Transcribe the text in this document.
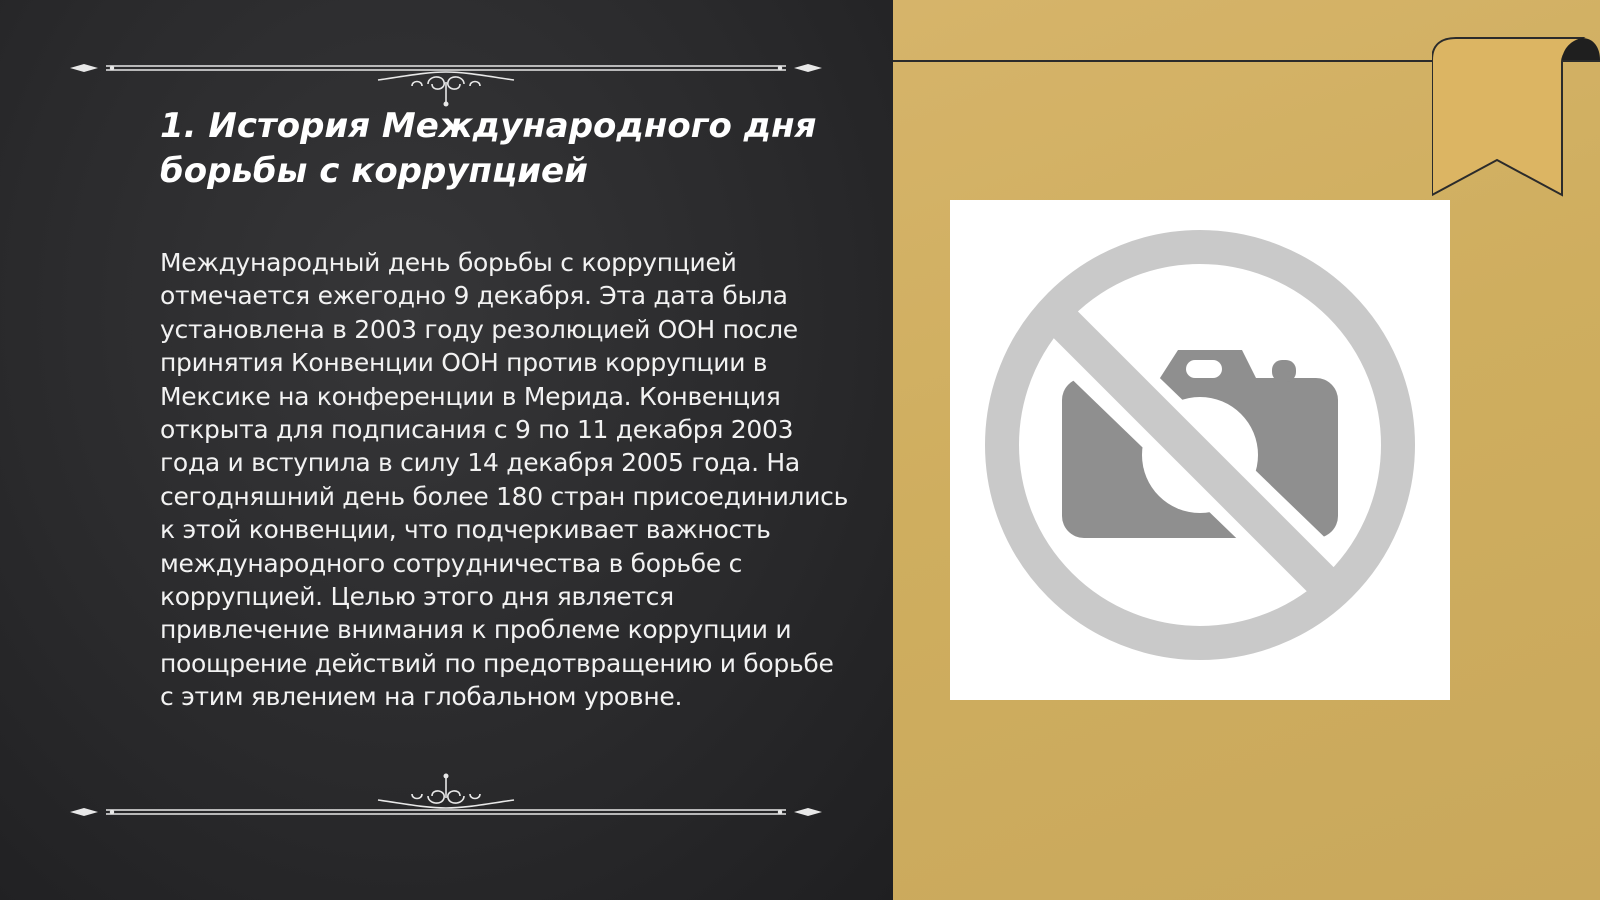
1. История Международного дня борьбы с коррупцией

Международный день борьбы с коррупцией отмечается ежегодно 9 декабря. Эта дата была установлена в 2003 году резолюцией ООН после принятия Конвенции ООН против коррупции в Мексике на конференции в Мерида. Конвенция открыта для подписания с 9 по 11 декабря 2003 года и вступила в силу 14 декабря 2005 года. На сегодняшний день более 180 стран присоединились к этой конвенции, что подчеркивает важность международного сотрудничества в борьбе с коррупцией. Целью этого дня является привлечение внимания к проблеме коррупции и поощрение действий по предотвращению и борьбе с этим явлением на глобальном уровне.
